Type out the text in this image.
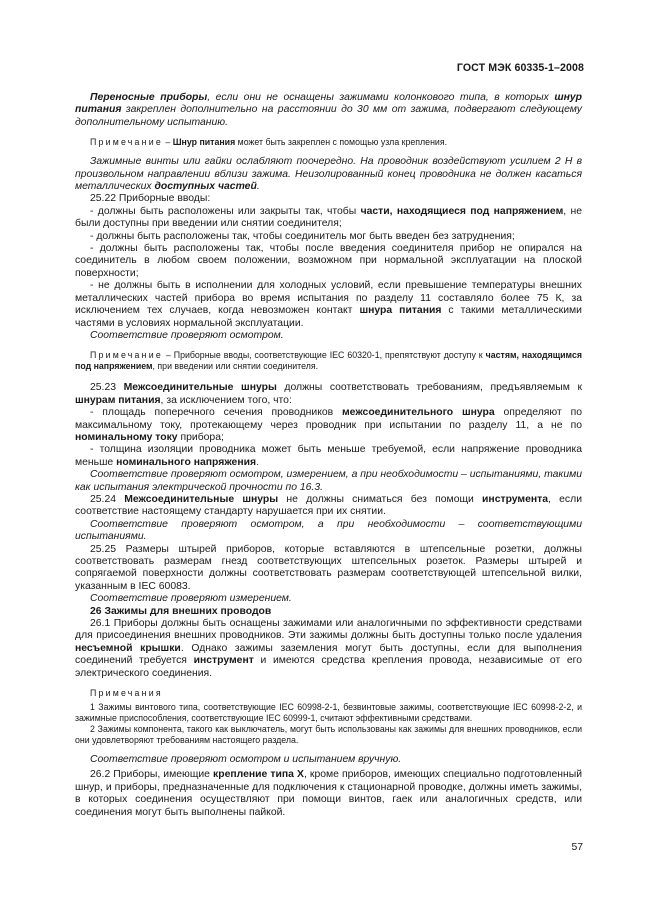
ГОСТ МЭК 60335-1–2008

Переносные приборы, если они не оснащены зажимами колонкового типа, в которых шнур питания закреплен дополнительно на расстоянии до 30 мм от зажима, подвергают следующему дополнительному испытанию.

Примечание – Шнур питания может быть закреплен с помощью узла крепления.

Зажимные винты или гайки ослабляют поочередно. На проводник воздействуют усилием 2 Н в произвольном направлении вблизи зажима. Неизолированный конец проводника не должен касаться металлических доступных частей.

25.22 Приборные вводы:

- должны быть расположены или закрыты так, чтобы части, находящиеся под напряжением, не были доступны при введении или снятии соединителя;

- должны быть расположены так, чтобы соединитель мог быть введен без затруднения;

- должны быть расположены так, чтобы после введения соединителя прибор не опирался на соединитель в любом своем положении, возможном при нормальной эксплуатации на плоской поверхности;

- не должны быть в исполнении для холодных условий, если превышение температуры внешних металлических частей прибора во время испытания по разделу 11 составляло более 75 К, за исключением тех случаев, когда невозможен контакт шнура питания с такими металлическими частями в условиях нормальной эксплуатации.

Соответствие проверяют осмотром.

Примечание – Приборные вводы, соответствующие IEC 60320-1, препятствуют доступу к частям, находящимся под напряжением, при введении или снятии соединителя.

25.23 Межсоединительные шнуры должны соответствовать требованиям, предъявляемым к шнурам питания, за исключением того, что:

- площадь поперечного сечения проводников межсоединительного шнура определяют по максимальному току, протекающему через проводник при испытании по разделу 11, а не по номинальному току прибора;

- толщина изоляции проводника может быть меньше требуемой, если напряжение проводника меньше номинального напряжения.

Соответствие проверяют осмотром, измерением, а при необходимости – испытаниями, такими как испытания электрической прочности по 16.3.

25.24 Межсоединительные шнуры не должны сниматься без помощи инструмента, если соответствие настоящему стандарту нарушается при их снятии.

Соответствие проверяют осмотром, а при необходимости – соответствующими испытаниями.

25.25 Размеры штырей приборов, которые вставляются в штепсельные розетки, должны соответствовать размерам гнезд соответствующих штепсельных розеток. Размеры штырей и сопрягаемой поверхности должны соответствовать размерам соответствующей штепсельной вилки, указанным в IEC 60083.

Соответствие проверяют измерением.

26 Зажимы для внешних проводов

26.1 Приборы должны быть оснащены зажимами или аналогичными по эффективности средствами для присоединения внешних проводников. Эти зажимы должны быть доступны только после удаления несъемной крышки. Однако зажимы заземления могут быть доступны, если для выполнения соединений требуется инструмент и имеются средства крепления провода, независимые от его электрического соединения.

Примечания

1 Зажимы винтового типа, соответствующие IEC 60998-2-1, безвинтовые зажимы, соответствующие IEC 60998-2-2, и зажимные приспособления, соответствующие IEC 60999-1, считают эффективными средствами.

2 Зажимы компонента, такого как выключатель, могут быть использованы как зажимы для внешних проводников, если они удовлетворяют требованиям настоящего раздела.

Соответствие проверяют осмотром и испытанием вручную.

26.2 Приборы, имеющие крепление типа Х, кроме приборов, имеющих специально подготовленный шнур, и приборы, предназначенные для подключения к стационарной проводке, должны иметь зажимы, в которых соединения осуществляют при помощи винтов, гаек или аналогичных средств, или соединения могут быть выполнены пайкой.

57
